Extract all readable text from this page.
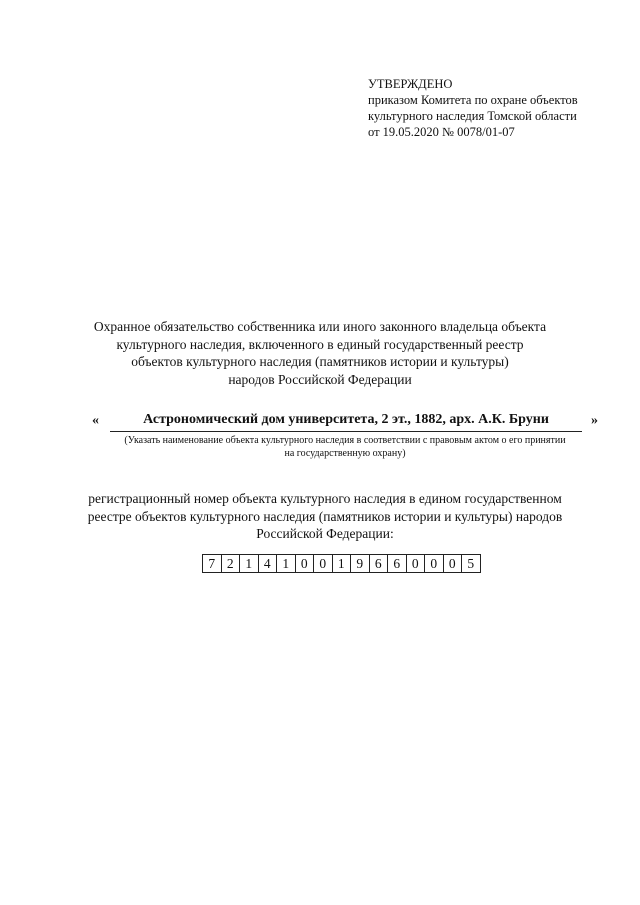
УТВЕРЖДЕНО
приказом Комитета по охране объектов
культурного наследия Томской области
от 19.05.2020 № 0078/01-07
Охранное обязательство собственника или иного законного владельца объекта
культурного наследия, включенного в единый государственный реестр
объектов культурного наследия (памятников истории и культуры)
народов Российской Федерации
«	Астрономический дом университета, 2 эт., 1882, арх. А.К. Бруни	»
(Указать наименование объекта культурного наследия в соответствии с правовым актом о его принятии
на государственную охрану)
регистрационный номер объекта культурного наследия в едином государственном
реестре объектов культурного наследия (памятников истории и культуры) народов
Российской Федерации:
7 2 1 4 1 0 0 1 9 6 6 0 0 0 5
